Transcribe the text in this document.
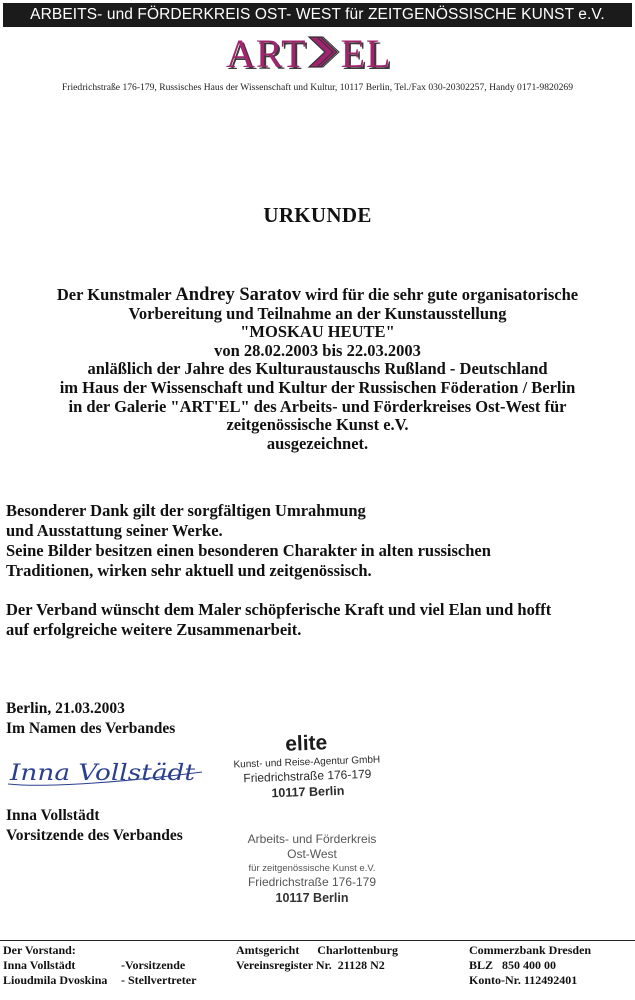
ARBEITS- und FÖRDERKREIS OST- WEST für ZEITGENÖSSISCHE KUNST e.V.
ART EL
Friedrichstraße 176-179, Russisches Haus der Wissenschaft und Kultur, 10117 Berlin, Tel./Fax 030-20302257, Handy 0171-9820269
URKUNDE
Der Kunstmaler Andrey Saratov wird für die sehr gute organisatorische
Vorbereitung und Teilnahme an der Kunstausstellung
"MOSKAU HEUTE"
von 28.02.2003 bis 22.03.2003
anläßlich der Jahre des Kulturaustauschs Rußland - Deutschland
im Haus der Wissenschaft und Kultur der Russischen Föderation / Berlin
in der Galerie "ART'EL" des Arbeits- und Förderkreises Ost-West für
zeitgenössische Kunst e.V.
ausgezeichnet.
Besonderer Dank gilt der sorgfältigen Umrahmung
und Ausstattung seiner Werke.
Seine Bilder besitzen einen besonderen Charakter in alten russischen
Traditionen, wirken sehr aktuell und zeitgenössisch.
Der Verband wünscht dem Maler schöpferische Kraft und viel Elan und hofft
auf erfolgreiche weitere Zusammenarbeit.
Berlin, 21.03.2003
Im Namen des Verbandes
Inna Vollstädt
Inna Vollstädt
Vorsitzende des Verbandes
elite
Kunst- und Reise-Agentur GmbH
Friedrichstraße 176-179
10117 Berlin
Arbeits- und Förderkreis
Ost-West
für zeitgenössische Kunst e.V.
Friedrichstraße 176-179
10117 Berlin
Der Vorstand:
Inna Vollstädt
Lioudmila Dvoskina
-Vorsitzende
- Stellvertreter
Amtsgericht      Charlottenburg
Vereinsregister Nr.  21128 N2
Commerzbank Dresden
BLZ   850 400 00
Konto-Nr. 112492401
